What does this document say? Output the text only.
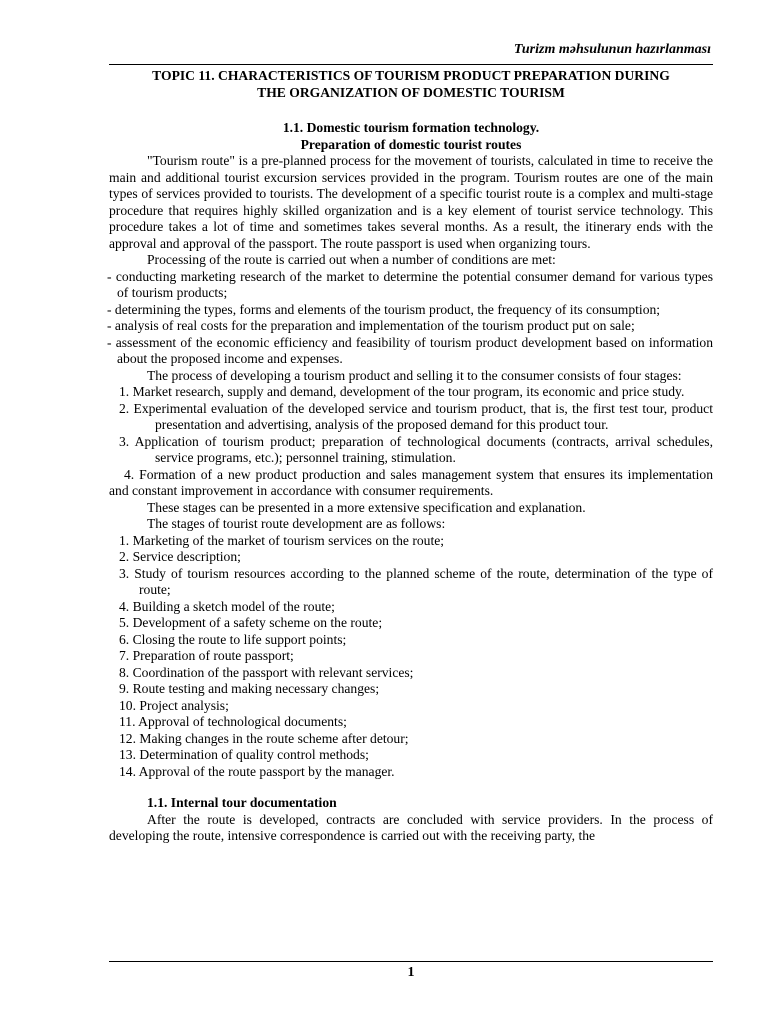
Turizm məhsulunun hazırlanması
TOPIC 11. CHARACTERISTICS OF TOURISM PRODUCT PREPARATION DURING
THE ORGANIZATION OF DOMESTIC TOURISM

1.1. Domestic tourism formation technology.

Preparation of domestic tourist routes

"Tourism route" is a pre-planned process for the movement of tourists, calculated in time to receive the main and additional tourist excursion services provided in the program. Tourism routes are one of the main types of services provided to tourists. The development of a specific tourist route is a complex and multi-stage procedure that requires highly skilled organization and is a key element of tourist service technology. This procedure takes a lot of time and sometimes takes several months. As a result, the itinerary ends with the approval and approval of the passport. The route passport is used when organizing tours.

Processing of the route is carried out when a number of conditions are met:

- conducting marketing research of the market to determine the potential consumer demand for various types of tourism products;

- determining the types, forms and elements of the tourism product, the frequency of its consumption;

- analysis of real costs for the preparation and implementation of the tourism product put on sale;

- assessment of the economic efficiency and feasibility of tourism product development based on information about the proposed income and expenses.

The process of developing a tourism product and selling it to the consumer consists of four stages:

1. Market research, supply and demand, development of the tour program, its economic and price study.

2. Experimental evaluation of the developed service and tourism product, that is, the first test tour, product presentation and advertising, analysis of the proposed demand for this product tour.

3. Application of tourism product; preparation of technological documents (contracts, arrival schedules, service programs, etc.); personnel training, stimulation.

4. Formation of a new product production and sales management system that ensures its implementation and constant improvement in accordance with consumer requirements.

These stages can be presented in a more extensive specification and explanation.

The stages of tourist route development are as follows:

1. Marketing of the market of tourism services on the route;

2. Service description;

3. Study of tourism resources according to the planned scheme of the route, determination of the type of route;

4. Building a sketch model of the route;

5. Development of a safety scheme on the route;

6. Closing the route to life support points;

7. Preparation of route passport;

8. Coordination of the passport with relevant services;

9. Route testing and making necessary changes;

10. Project analysis;

11. Approval of technological documents;

12. Making changes in the route scheme after detour;

13. Determination of quality control methods;

14. Approval of the route passport by the manager.

1.1. Internal tour documentation

After the route is developed, contracts are concluded with service providers. In the process of developing the route, intensive correspondence is carried out with the receiving party, the

1
